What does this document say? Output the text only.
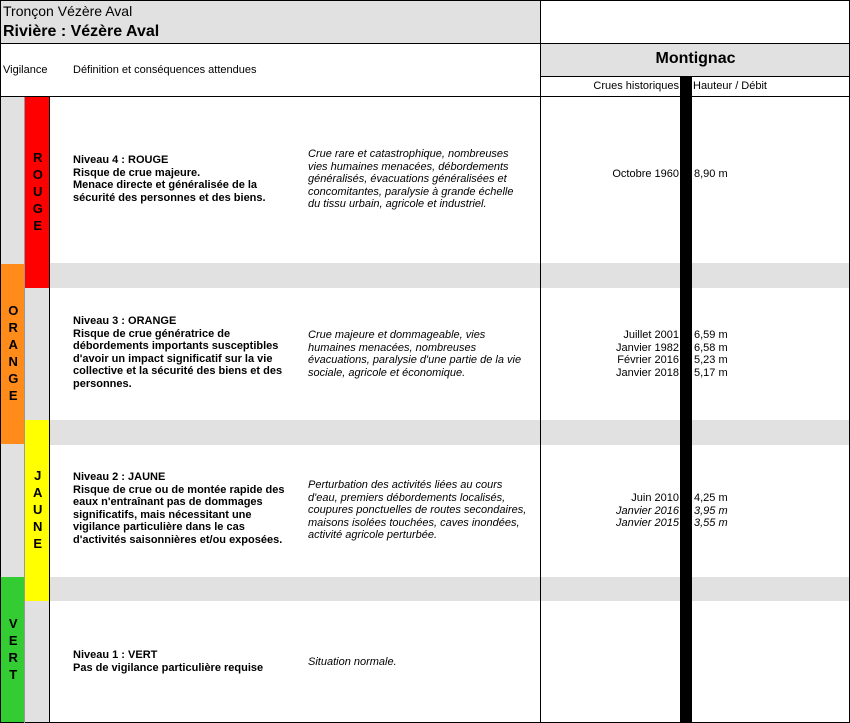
Tronçon Vézère Aval
Rivière : Vézère Aval
Montignac
Vigilance Définition et conséquences attendues
Crues historiques Hauteur / Débit
ORANGE
VERT
ROUGE
JAUNE
Niveau 4 : ROUGE
Risque de crue majeure.
Menace directe et généralisée de la
sécurité des personnes et des biens.
Crue rare et catastrophique, nombreuses
vies humaines menacées, débordements
généralisés, évacuations généralisées et
concomitantes, paralysie à grande échelle
du tissu urbain, agricole et industriel.
Octobre 1960 8,90 m
Niveau 3 : ORANGE
Risque de crue génératrice de
débordements importants susceptibles
d'avoir un impact significatif sur la vie
collective et la sécurité des biens et des
personnes.
Crue majeure et dommageable, vies
humaines menacées, nombreuses
évacuations, paralysie d'une partie de la vie
sociale, agricole et économique.
Juillet 2001
Janvier 1982
Février 2016
Janvier 2018
6,59 m
6,58 m
5,23 m
5,17 m
Niveau 2 : JAUNE
Risque de crue ou de montée rapide des
eaux n'entraînant pas de dommages
significatifs, mais nécessitant une
vigilance particulière dans le cas
d'activités saisonnières et/ou exposées.
Perturbation des activités liées au cours
d'eau, premiers débordements localisés,
coupures ponctuelles de routes secondaires,
maisons isolées touchées, caves inondées,
activité agricole perturbée.
Juin 2010
Janvier 2016
Janvier 2015
4,25 m
3,95 m
3,55 m
Niveau 1 : VERT
Pas de vigilance particulière requise	Situation normale.
